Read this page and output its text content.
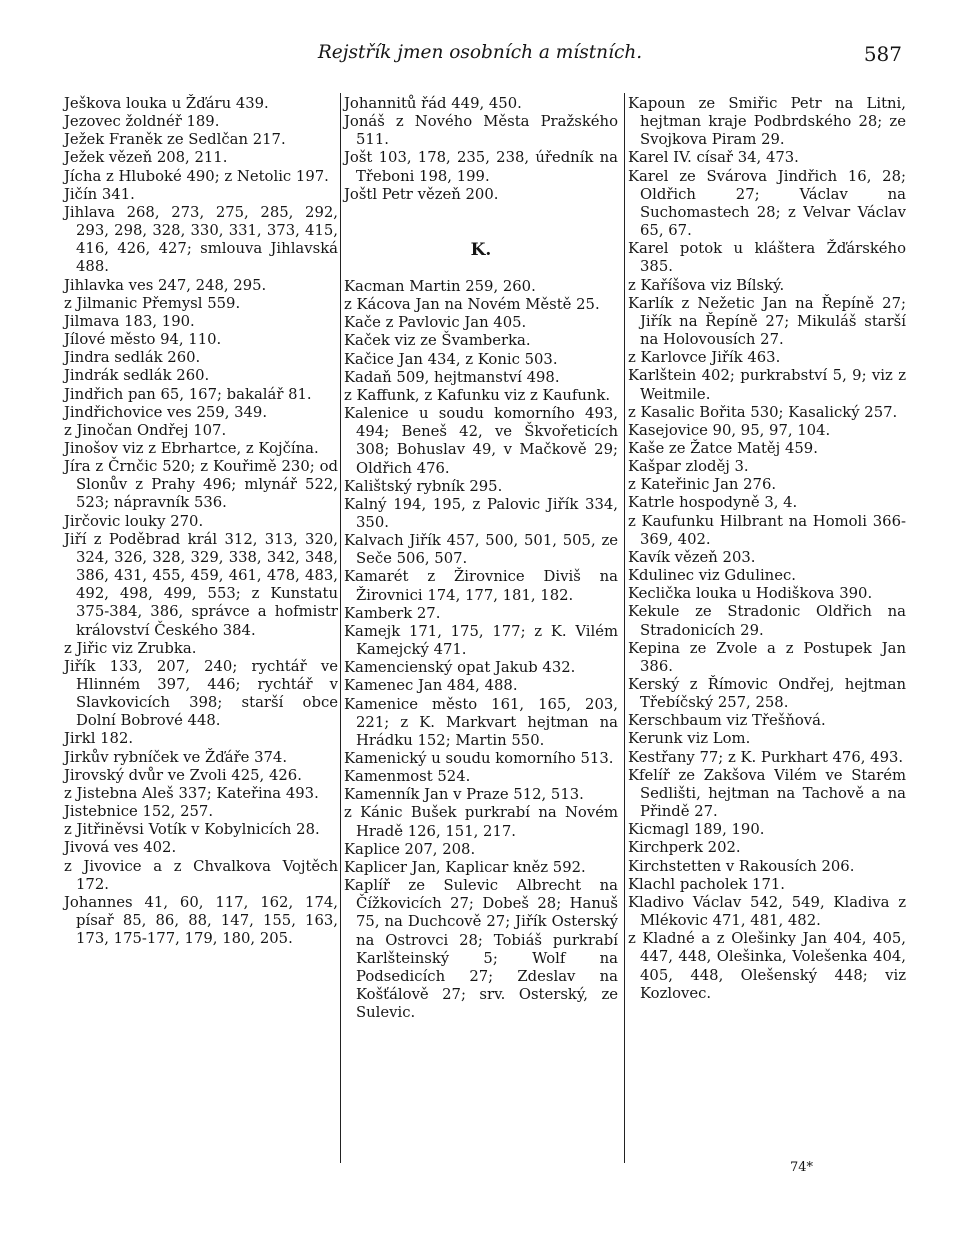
Rejstřík jmen osobních a místních.	587
Ješkova louka u Žďáru 439.
Jezovec žoldnéř 189.
Ježek Franěk ze Sedlčan 217.
Ježek vězeň 208, 211.
Jícha z Hluboké 490; z Netolic 197.
Jičín 341.
Jihlava 268, 273, 275, 285, 292, 293, 298, 328, 330, 331, 373, 415, 416, 426, 427; smlouva Jihlavská 488.
Jihlavka ves 247, 248, 295.
z Jilmanic Přemysl 559.
Jilmava 183, 190.
Jílové město 94, 110.
Jindra sedlák 260.
Jindrák sedlák 260.
Jindřich pan 65, 167; bakalář 81.
Jindřichovice ves 259, 349.
z Jinočan Ondřej 107.
Jinošov viz z Ebrhartce, z Kojčína.
Jíra z Črnčic 520; z Kouřimě 230; od Slonův z Prahy 496; mlynář 522, 523; nápravník 536.
Jirčovic louky 270.
Jiří z Poděbrad král 312, 313, 320, 324, 326, 328, 329, 338, 342, 348, 386, 431, 455, 459, 461, 478, 483, 492, 498, 499, 553; z Kunstatu 375-384, 386, správce a hofmistr království Českého 384.
z Jiřic viz Zrubka.
Jiřík 133, 207, 240; rychtář ve Hlinném 397, 446; rychtář v Slavkovicích 398; starší obce Dolní Bobrové 448.
Jirkl 182.
Jirkův rybníček ve Žďáře 374.
Jirovský dvůr ve Zvoli 425, 426.
z Jistebna Aleš 337; Kateřina 493.
Jistebnice 152, 257.
z Jitřiněvsi Votík v Kobylnicích 28.
Jivová ves 402.
z Jivovice a z Chvalkova Vojtěch 172.
Johannes 41, 60, 117, 162, 174, písař 85, 86, 88, 147, 155, 163, 173, 175-177, 179, 180, 205.
Johannitů řád 449, 450.
Jonáš z Nového Města Pražského 511.
Jošt 103, 178, 235, 238, úředník na Třeboni 198, 199.
Joštl Petr vězeň 200.
K.
Kacman Martin 259, 260.
z Kácova Jan na Novém Městě 25.
Kače z Pavlovic Jan 405.
Kaček viz ze Švamberka.
Kačice Jan 434, z Konic 503.
Kadaň 509, hejtmanství 498.
z Kaffunk, z Kafunku viz z Kaufunk.
Kalenice u soudu komorního 493, 494; Beneš 42, ve Škvořeticích 308; Bohuslav 49, v Mačkově 29; Oldřich 476.
Kalištský rybník 295.
Kalný 194, 195, z Palovic Jiřík 334, 350.
Kalvach Jiřík 457, 500, 501, 505, ze Seče 506, 507.
Kamarét z Žirovnice Diviš na Žirovnici 174, 177, 181, 182.
Kamberk 27.
Kamejk 171, 175, 177; z K. Vilém Kamejcký 471.
Kamencienský opat Jakub 432.
Kamenec Jan 484, 488.
Kamenice město 161, 165, 203, 221; z K. Markvart hejtman na Hrádku 152; Martin 550.
Kamenický u soudu komorního 513.
Kamenmost 524.
Kamenník Jan v Praze 512, 513.
z Kánic Bušek purkrabí na Novém Hradě 126, 151, 217.
Kaplice 207, 208.
Kaplicer Jan, Kaplicar kněz 592.
Kaplíř ze Sulevic Albrecht na Čížkovicích 27; Dobeš 28; Hanuš 75, na Duchcově 27; Jiřík Osterský na Ostrovci 28; Tobiáš purkrabí Karlšteinský 5; Wolf na Podsedicích 27; Zdeslav na Košťálově 27; srv. Osterský, ze Sulevic.
Kapoun ze Smiřic Petr na Litni, hejtman kraje Podbrdského 28; ze Svojkova Piram 29.
Karel IV. císař 34, 473.
Karel ze Svárova Jindřich 16, 28; Oldřich 27; Václav na Suchomastech 28; z Velvar Václav 65, 67.
Karel potok u kláštera Žďárského 385.
z Kaříšova viz Bílský.
Karlík z Nežetic Jan na Řepíně 27; Jiřík na Řepíně 27; Mikuláš starší na Holovousích 27.
z Karlovce Jiřík 463.
Karlštein 402; purkrabství 5, 9; viz z Weitmile.
z Kasalic Bořita 530; Kasalický 257.
Kasejovice 90, 95, 97, 104.
Kaše ze Žatce Matěj 459.
Kašpar zloděj 3.
z Kateřinic Jan 276.
Katrle hospodyně 3, 4.
z Kaufunku Hilbrant na Homoli 366-369, 402.
Kavík vězeň 203.
Kdulinec viz Gdulinec.
Keclička louka u Hodiškova 390.
Kekule ze Stradonic Oldřich na Stradonicích 29.
Kepina ze Zvole a z Postupek Jan 386.
Kerský z Římovic Ondřej, hejtman Třebíčský 257, 258.
Kerschbaum viz Třešňová.
Kerunk viz Lom.
Kestřany 77; z K. Purkhart 476, 493.
Kfelíř ze Zakšova Vilém ve Starém Sedlišti, hejtman na Tachově a na Přindě 27.
Kicmagl 189, 190.
Kirchperk 202.
Kirchstetten v Rakousích 206.
Klachl pacholek 171.
Kladivo Václav 542, 549, Kladiva z Mlékovic 471, 481, 482.
z Kladné a z Olešinky Jan 404, 405, 447, 448, Olešinka, Volešenka 404, 405, 448, Olešenský 448; viz Kozlovec.
74*
